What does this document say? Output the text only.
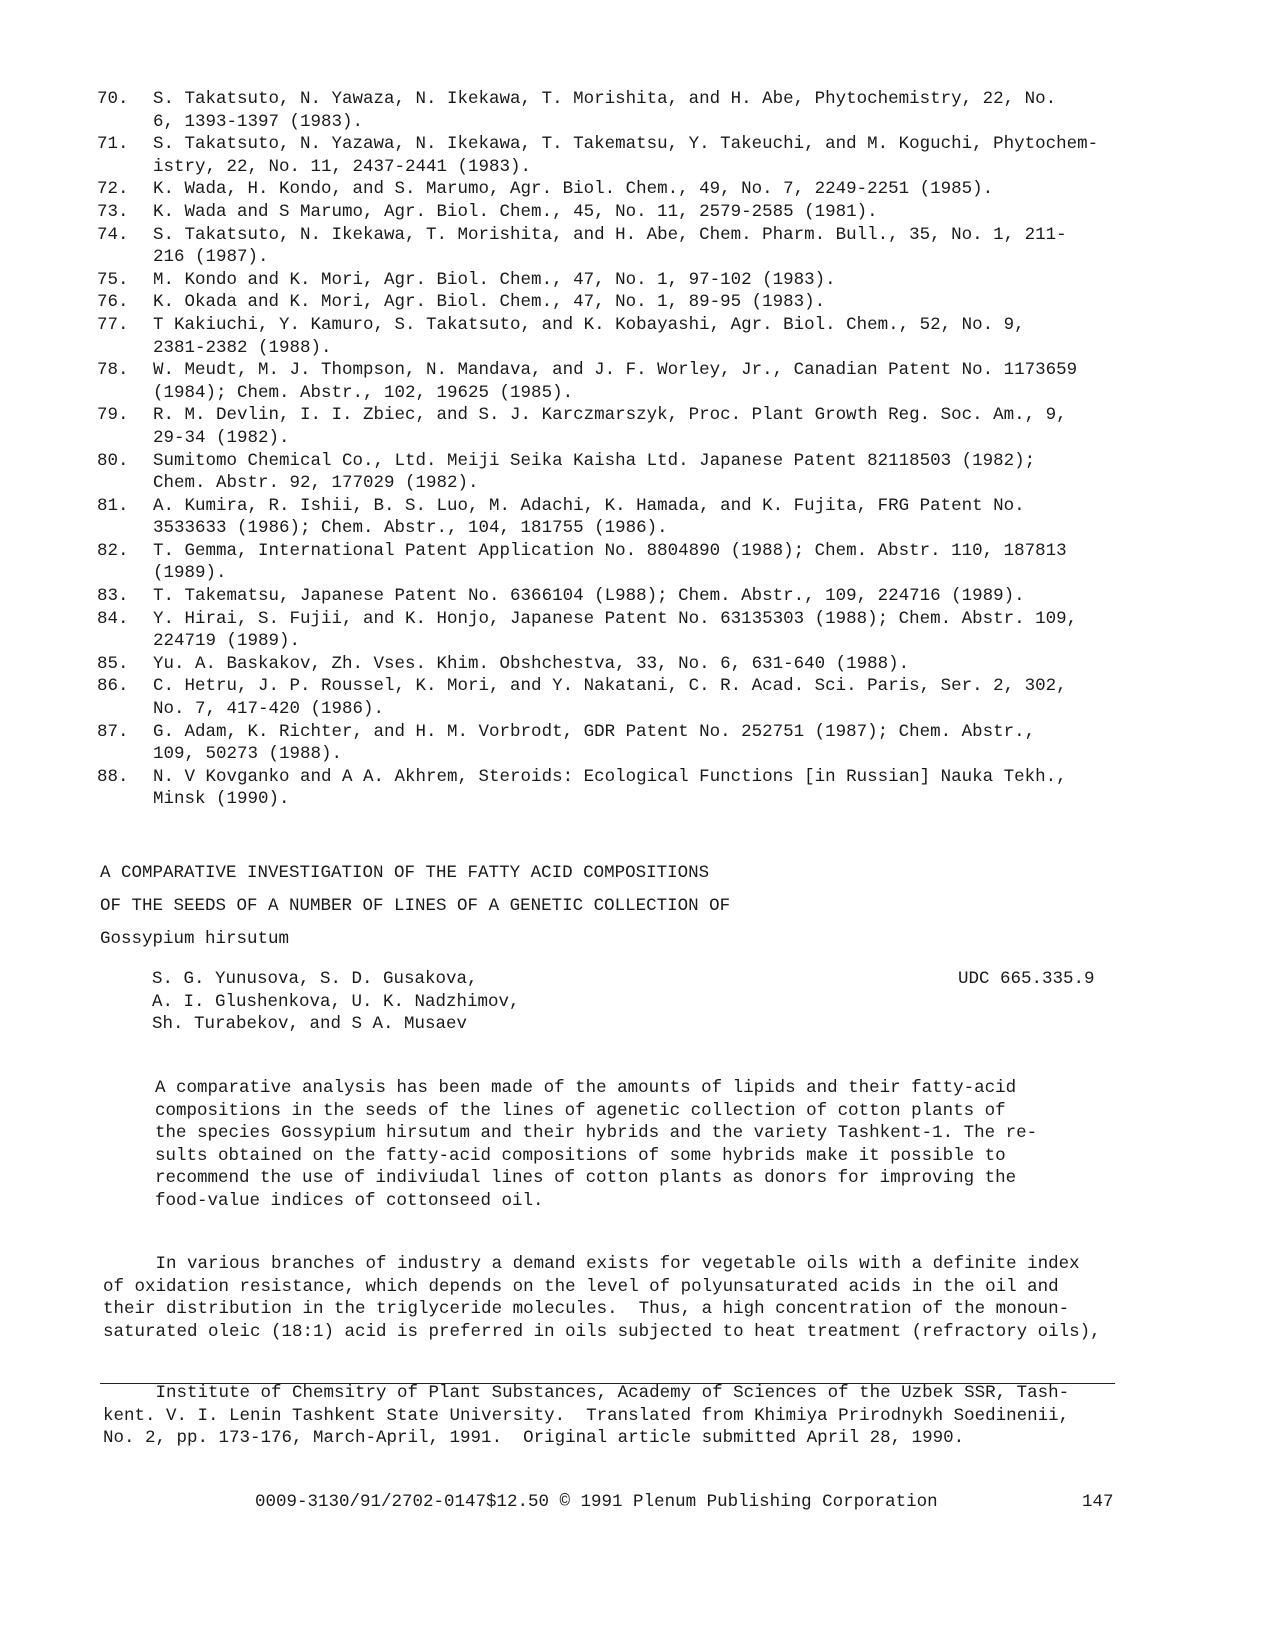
70.	S. Takatsuto, N. Yawaza, N. Ikekawa, T. Morishita, and H. Abe, Phytochemistry, 22, No.
6, 1393-1397 (1983).
71.	S. Takatsuto, N. Yazawa, N. Ikekawa, T. Takematsu, Y. Takeuchi, and M. Koguchi, Phytochem-
istry, 22, No. 11, 2437-2441 (1983).
72.	K. Wada, H. Kondo, and S. Marumo, Agr. Biol. Chem., 49, No. 7, 2249-2251 (1985).
73.	K. Wada and S Marumo, Agr. Biol. Chem., 45, No. 11, 2579-2585 (1981).
74.	S. Takatsuto, N. Ikekawa, T. Morishita, and H. Abe, Chem. Pharm. Bull., 35, No. 1, 211-
216 (1987).
75.	M. Kondo and K. Mori, Agr. Biol. Chem., 47, No. 1, 97-102 (1983).
76.	K. Okada and K. Mori, Agr. Biol. Chem., 47, No. 1, 89-95 (1983).
77.	T Kakiuchi, Y. Kamuro, S. Takatsuto, and K. Kobayashi, Agr. Biol. Chem., 52, No. 9,
2381-2382 (1988).
78.	W. Meudt, M. J. Thompson, N. Mandava, and J. F. Worley, Jr., Canadian Patent No. 1173659
(1984); Chem. Abstr., 102, 19625 (1985).
79.	R. M. Devlin, I. I. Zbiec, and S. J. Karczmarszyk, Proc. Plant Growth Reg. Soc. Am., 9,
29-34 (1982).
80.	Sumitomo Chemical Co., Ltd. Meiji Seika Kaisha Ltd. Japanese Patent 82118503 (1982);
Chem. Abstr. 92, 177029 (1982).
81.	A. Kumira, R. Ishii, B. S. Luo, M. Adachi, K. Hamada, and K. Fujita, FRG Patent No.
3533633 (1986); Chem. Abstr., 104, 181755 (1986).
82.	T. Gemma, International Patent Application No. 8804890 (1988); Chem. Abstr. 110, 187813
(1989).
83.	T. Takematsu, Japanese Patent No. 6366104 (L988); Chem. Abstr., 109, 224716 (1989).
84.	Y. Hirai, S. Fujii, and K. Honjo, Japanese Patent No. 63135303 (1988); Chem. Abstr. 109,
224719 (1989).
85.	Yu. A. Baskakov, Zh. Vses. Khim. Obshchestva, 33, No. 6, 631-640 (1988).
86.	C. Hetru, J. P. Roussel, K. Mori, and Y. Nakatani, C. R. Acad. Sci. Paris, Ser. 2, 302,
No. 7, 417-420 (1986).
87.	G. Adam, K. Richter, and H. M. Vorbrodt, GDR Patent No. 252751 (1987); Chem. Abstr.,
109, 50273 (1988).
88.	N. V Kovganko and A A. Akhrem, Steroids: Ecological Functions [in Russian] Nauka Tekh.,
Minsk (1990).
A COMPARATIVE INVESTIGATION OF THE FATTY ACID COMPOSITIONS
OF THE SEEDS OF A NUMBER OF LINES OF A GENETIC COLLECTION OF
Gossypium hirsutum
S. G. Yunusova, S. D. Gusakova,
A. I. Glushenkova, U. K. Nadzhimov,
Sh. Turabekov, and S A. Musaev
UDC 665.335.9
A comparative analysis has been made of the amounts of lipids and their fatty-acid
compositions in the seeds of the lines of agenetic collection of cotton plants of
the species Gossypium hirsutum and their hybrids and the variety Tashkent-1. The re-
sults obtained on the fatty-acid compositions of some hybrids make it possible to
recommend the use of indiviudal lines of cotton plants as donors for improving the
food-value indices of cottonseed oil.
In various branches of industry a demand exists for vegetable oils with a definite index
of oxidation resistance, which depends on the level of polyunsaturated acids in the oil and
their distribution in the triglyceride molecules.  Thus, a high concentration of the monoun-
saturated oleic (18:1) acid is preferred in oils subjected to heat treatment (refractory oils),
Institute of Chemsitry of Plant Substances, Academy of Sciences of the Uzbek SSR, Tash-
kent. V. I. Lenin Tashkent State University.  Translated from Khimiya Prirodnykh Soedinenii,
No. 2, pp. 173-176, March-April, 1991.  Original article submitted April 28, 1990.
0009-3130/91/2702-0147$12.50 © 1991 Plenum Publishing Corporation	147
